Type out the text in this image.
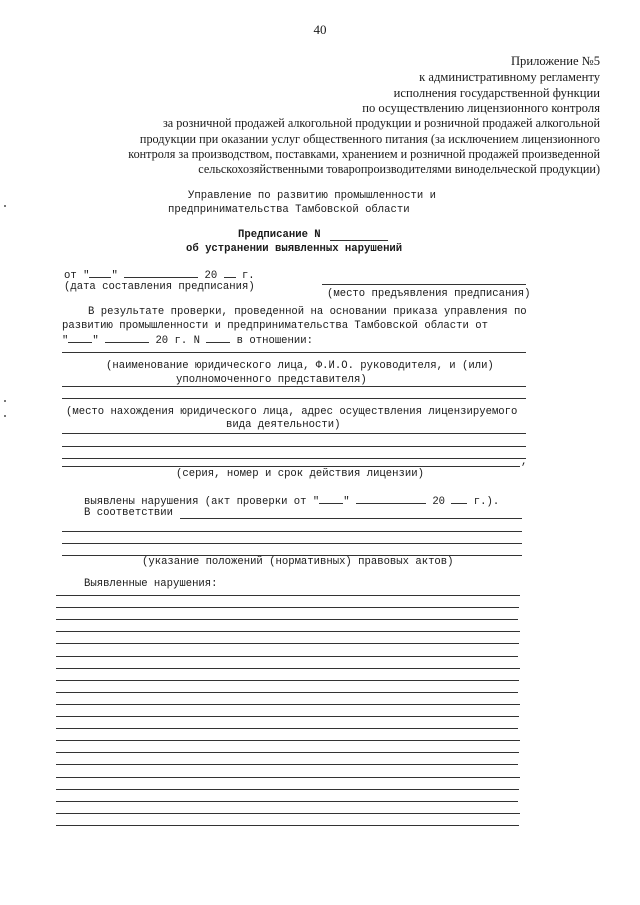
40
Приложение №5
к административному регламенту
исполнения государственной функции
по осуществлению лицензионного контроля
за розничной продажей алкогольной продукции и розничной продажей алкогольной
продукции при оказании услуг общественного питания (за исключением лицензионного
контроля за производством, поставками, хранением и розничной продажей произведенной
сельскохозяйственными товаропроизводителями винодельческой продукции)
Управление по развитию промышленности и
предпринимательства Тамбовской области
Предписание N
об устранении выявленных нарушений
от " "	20 г.
(дата составления предписания)
(место предъявления предписания)
В результате проверки, проведенной на основании приказа управления по
развитию промышленности и предпринимательства Тамбовской области от
" "	20 г. N	в отношении:
(наименование юридического лица, Ф.И.О. руководителя, и (или)
уполномоченного представителя)
(место нахождения юридического лица, адрес осуществления лицензируемого
вида деятельности)
,
(серия, номер и срок действия лицензии)
выявлены нарушения (акт проверки от " "	20	г.).
В соответствии
(указание положений (нормативных) правовых актов)
Выявленные нарушения:
